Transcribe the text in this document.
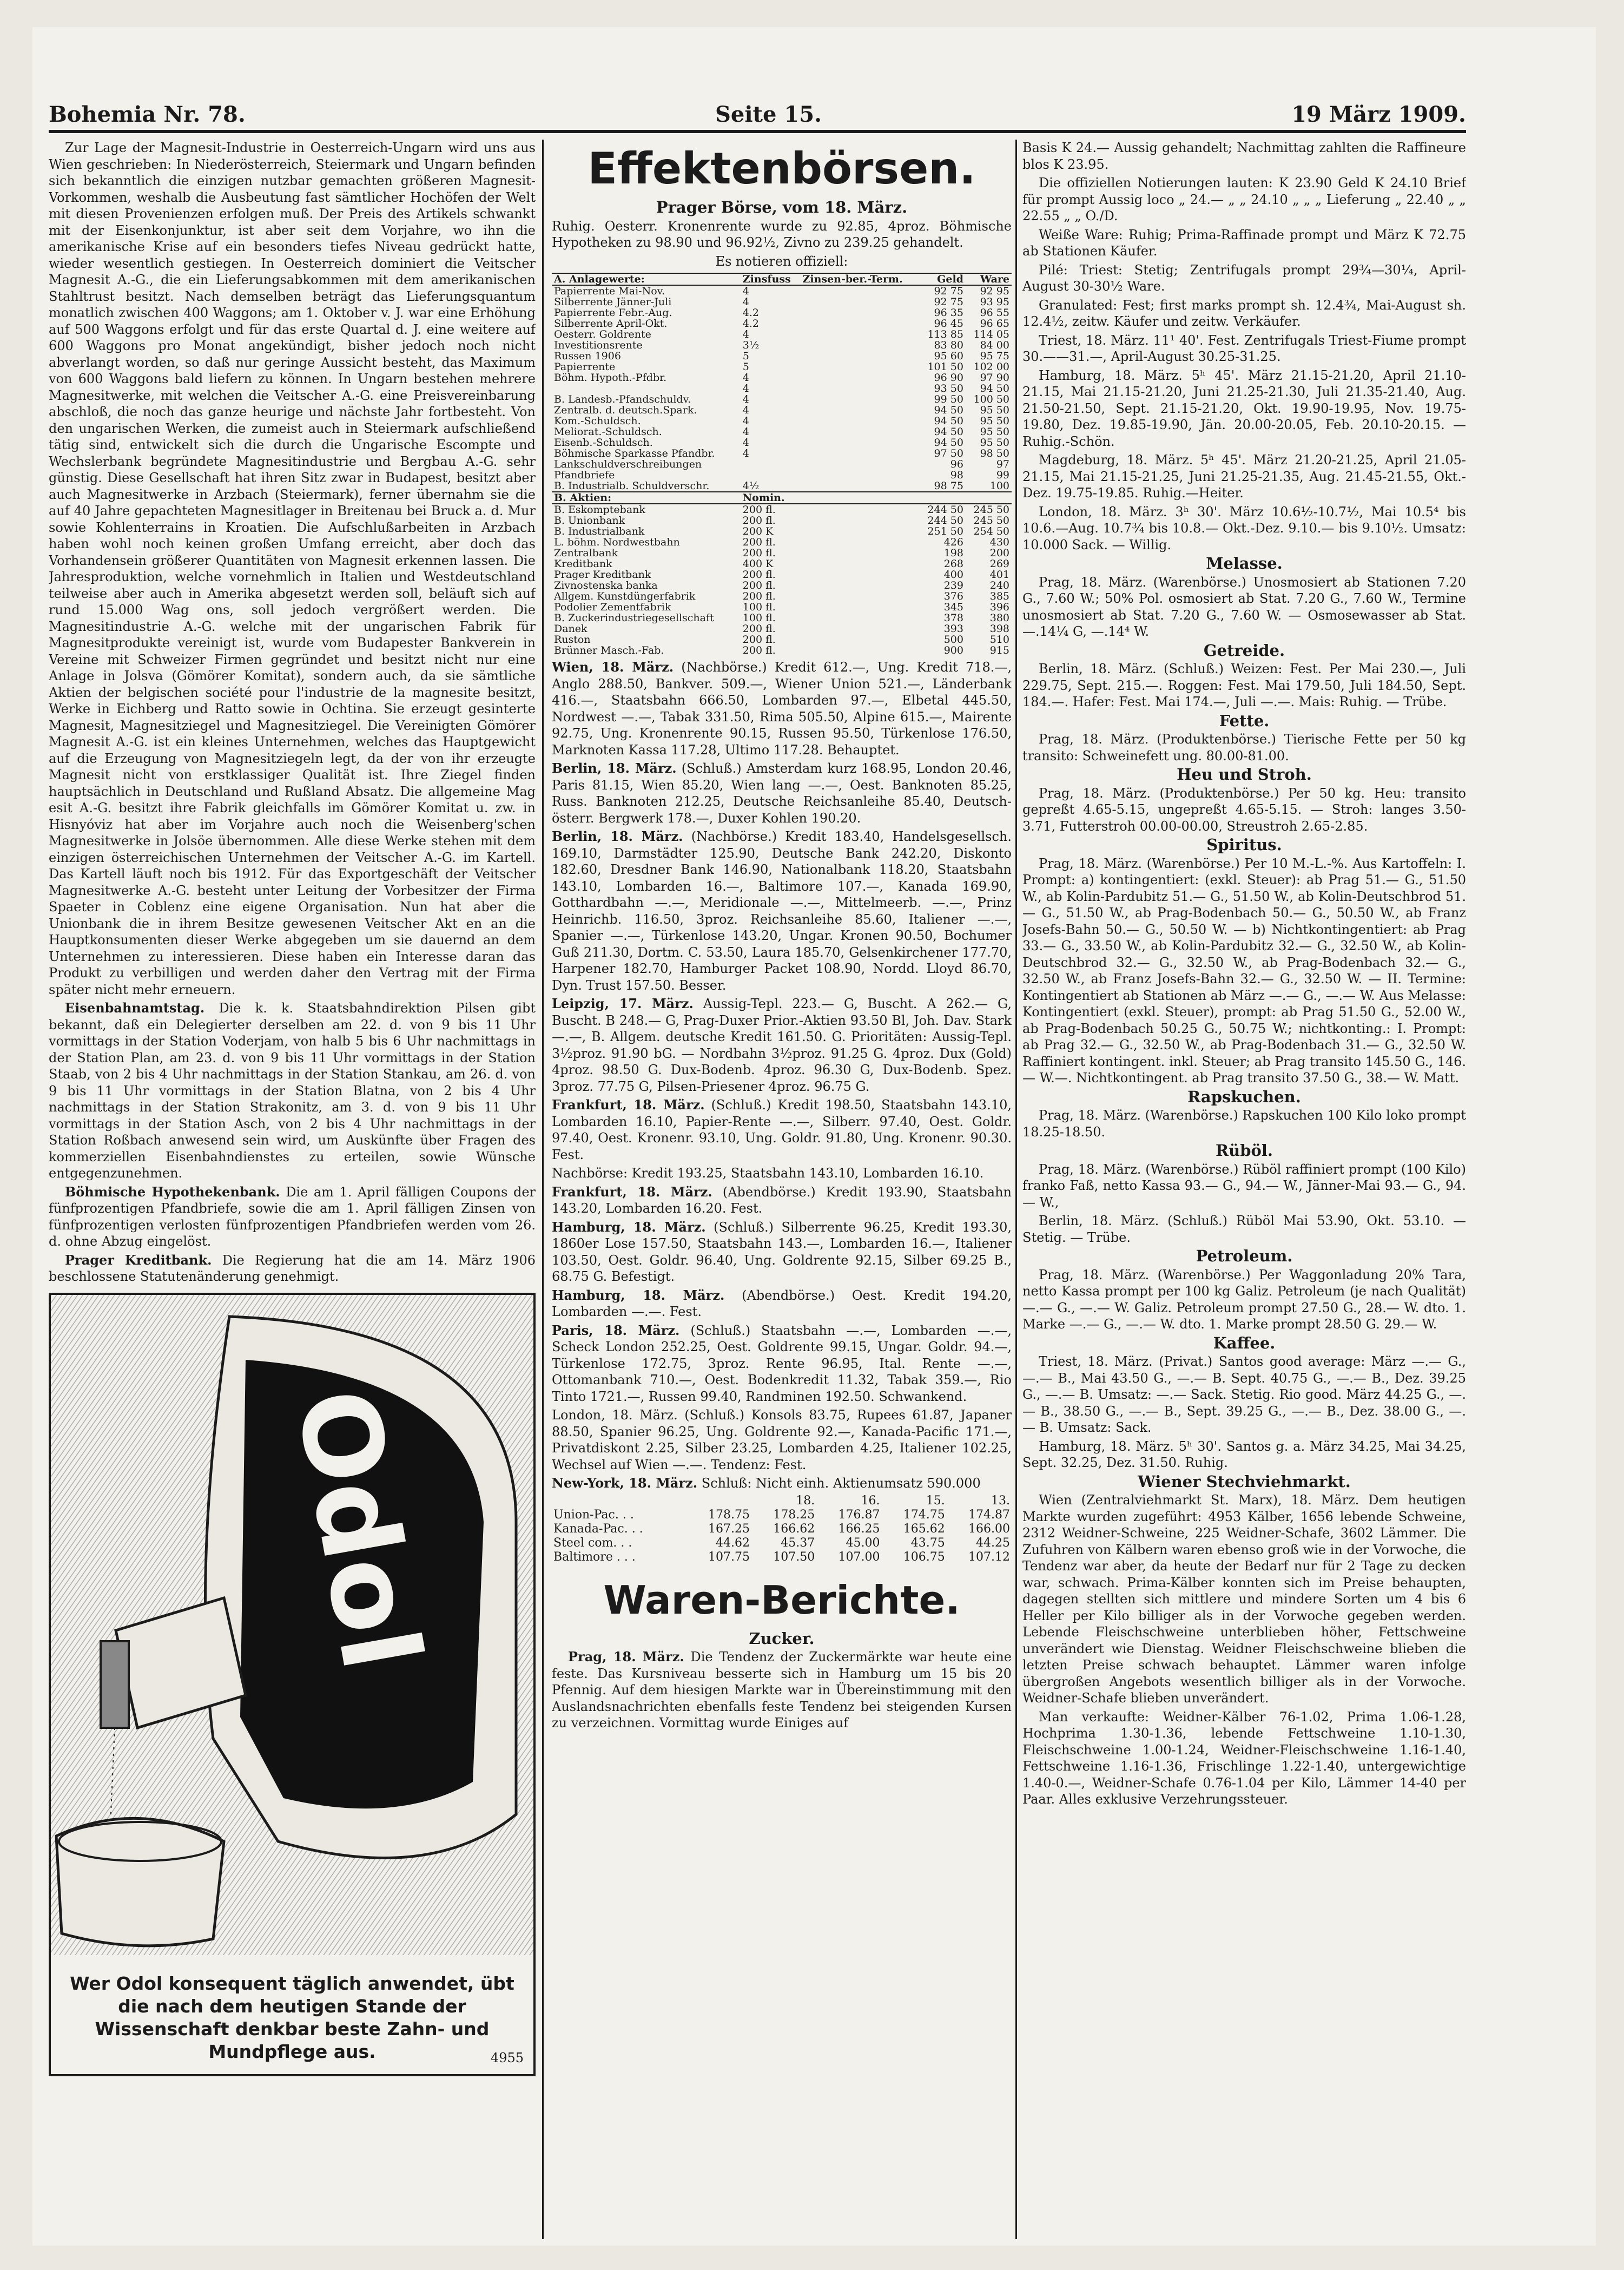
Bohemia Nr. 78.	Seite 15.	19 März 1909.

Zur Lage der Magnesit-Industrie in Oesterreich-Ungarn wird uns aus Wien geschrieben: In Niederösterreich, Steiermark und Ungarn befinden sich bekanntlich die einzigen nutzbar gemachten größeren Magnesit-Vorkommen, weshalb die Ausbeutung fast sämtlicher Hochöfen der Welt mit diesen Provenienzen erfolgen muß. Der Preis des Artikels schwankt mit der Eisenkonjunktur, ist aber seit dem Vorjahre, wo ihn die amerikanische Krise auf ein besonders tiefes Niveau gedrückt hatte, wieder wesentlich gestiegen. In Oesterreich dominiert die Veitscher Magnesit A.-G., die ein Lieferungsabkommen mit dem amerikanischen Stahltrust besitzt. Nach demselben beträgt das Lieferungsquantum monatlich zwischen 400 Waggons; am 1. Oktober v. J. war eine Erhöhung auf 500 Waggons erfolgt und für das erste Quartal d. J. eine weitere auf 600 Waggons pro Monat angekündigt, bisher jedoch noch nicht abverlangt worden, so daß nur geringe Aussicht besteht, das Maximum von 600 Waggons bald liefern zu können. In Ungarn bestehen mehrere Magnesitwerke, mit welchen die Veitscher A.-G. eine Preisvereinbarung abschloß, die noch das ganze heurige und nächste Jahr fortbesteht. Von den ungarischen Werken, die zumeist auch in Steiermark aufschließend tätig sind, entwickelt sich die durch die Ungarische Escompte und Wechslerbank begründete Magnesitindustrie und Bergbau A.-G. sehr günstig. Diese Gesellschaft hat ihren Sitz zwar in Budapest, besitzt aber auch Magnesitwerke in Arzbach (Steiermark), ferner übernahm sie die auf 40 Jahre gepachteten Magnesitlager in Breitenau bei Bruck a. d. Mur sowie Kohlenterrains in Kroatien. Die Aufschlußarbeiten in Arzbach haben wohl noch keinen großen Umfang erreicht, aber doch das Vorhandensein größerer Quantitäten von Magnesit erkennen lassen. Die Jahresproduktion, welche vornehmlich in Italien und Westdeutschland teilweise aber auch in Amerika abgesetzt werden soll, beläuft sich auf rund 15.000 Wag ons, soll jedoch vergrößert werden. Die Magnesitindustrie A.-G. welche mit der ungarischen Fabrik für Magnesitprodukte vereinigt ist, wurde vom Budapester Bankverein in Vereine mit Schweizer Firmen gegründet und besitzt nicht nur eine Anlage in Jolsva (Gömörer Komitat), sondern auch, da sie sämtliche Aktien der belgischen société pour l'industrie de la magnesite besitzt, Werke in Eichberg und Ratto sowie in Ochtina. Sie erzeugt gesinterte Magnesit, Magnesitziegel und Magnesitziegel. Die Vereinigten Gömörer Magnesit A.-G. ist ein kleines Unternehmen, welches das Hauptgewicht auf die Erzeugung von Magnesitziegeln legt, da der von ihr erzeugte Magnesit nicht von erstklassiger Qualität ist. Ihre Ziegel finden hauptsächlich in Deutschland und Rußland Absatz. Die allgemeine Mag esit A.-G. besitzt ihre Fabrik gleichfalls im Gömörer Komitat u. zw. in Hisnyóviz hat aber im Vorjahre auch noch die Weisenberg'schen Magnesitwerke in Jolsöe übernommen. Alle diese Werke stehen mit dem einzigen österreichischen Unternehmen der Veitscher A.-G. im Kartell. Das Kartell läuft noch bis 1912. Für das Exportgeschäft der Veitscher Magnesitwerke A.-G. besteht unter Leitung der Vorbesitzer der Firma Spaeter in Coblenz eine eigene Organisation. Nun hat aber die Unionbank die in ihrem Besitze gewesenen Veitscher Akt en an die Hauptkonsumenten dieser Werke abgegeben um sie dauernd an dem Unternehmen zu interessieren. Diese haben ein Interesse daran das Produkt zu verbilligen und werden daher den Vertrag mit der Firma später nicht mehr erneuern.

Eisenbahnamtstag. Die k. k. Staatsbahndirektion Pilsen gibt bekannt, daß ein Delegierter derselben am 22. d. von 9 bis 11 Uhr vormittags in der Station Voderjam, von halb 5 bis 6 Uhr nachmittags in der Station Plan, am 23. d. von 9 bis 11 Uhr vormittags in der Station Staab, von 2 bis 4 Uhr nachmittags in der Station Stankau, am 26. d. von 9 bis 11 Uhr vormittags in der Station Blatna, von 2 bis 4 Uhr nachmittags in der Station Strakonitz, am 3. d. von 9 bis 11 Uhr vormittags in der Station Asch, von 2 bis 4 Uhr nachmittags in der Station Roßbach anwesend sein wird, um Auskünfte über Fragen des kommerziellen Eisenbahndienstes zu erteilen, sowie Wünsche entgegenzunehmen.

Böhmische Hypothekenbank. Die am 1. April fälligen Coupons der fünfprozentigen Pfandbriefe, sowie die am 1. April fälligen Zinsen von fünfprozentigen verlosten fünfprozentigen Pfandbriefen werden vom 26. d. ohne Abzug eingelöst.

Prager Kreditbank. Die Regierung hat die am 14. März 1906 beschlossene Statutenänderung genehmigt.

Odol
Wer Odol konsequent täglich anwendet, übt die nach dem heutigen Stande der Wissenschaft denkbar beste Zahn- und Mundpflege aus.	4955
Effektenbörsen.
Prager Börse, vom 18. März.

Ruhig. Oesterr. Kronenrente wurde zu 92.85, 4proz. Böhmische Hypotheken zu 98.90 und 96.92½, Zivno zu 239.25 gehandelt.

Es notieren offiziell:
A. Anlagewerte:	Zinsfuss	Zinsen-ber.-Term.	Geld	Ware
Papierrente Mai-Nov.	4		92 75	92 95
Silberrente Jänner-Juli	4		92 75	93 95
Papierrente Febr.-Aug.	4.2		96 35	96 55
Silberrente April-Okt.	4.2		96 45	96 65
Oesterr. Goldrente	4		113 85	114 05
Investitionsrente	3½		83 80	84 00
Russen 1906	5		95 60	95 75
Papierrente	5		101 50	102 00
Böhm. Hypoth.-Pfdbr.	4		96 90	97 90
	4		93 50	94 50
B. Landesb.-Pfandschuldv.	4		99 50	100 50
Zentralb. d. deutsch.Spark.	4		94 50	95 50
Kom.-Schuldsch.	4		94 50	95 50
Meliorat.-Schuldsch.	4		94 50	95 50
Eisenb.-Schuldsch.	4		94 50	95 50
Böhmische Sparkasse Pfandbr.	4		97 50	98 50
Lankschuldverschreibungen			96	97
Pfandbriefe			98	99
B. Industrialb. Schuldverschr.	4½		98 75	100
B. Aktien:	Nomin.			
B. Eskomptebank	200 fl.		244 50	245 50
B. Unionbank	200 fl.		244 50	245 50
B. Industrialbank	200 K		251 50	254 50
L. böhm. Nordwestbahn	200 fl.		426	430
Zentralbank	200 fl.		198	200
Kreditbank	400 K		268	269
Prager Kreditbank	200 fl.		400	401
Zivnostenska banka	200 fl.		239	240
Allgem. Kunstdüngerfabrik	200 fl.		376	385
Podolier Zementfabrik	100 fl.		345	396
B. Zuckerindustriegesellschaft	100 fl.		378	380
Danek	200 fl.		393	398
Ruston	200 fl.		500	510
Brünner Masch.-Fab.	200 fl.		900	915

Wien, 18. März. (Nachbörse.) Kredit 612.—, Ung. Kredit 718.—, Anglo 288.50, Bankver. 509.—, Wiener Union 521.—, Länderbank 416.—, Staatsbahn 666.50, Lombarden 97.—, Elbetal 445.50, Nordwest —.—, Tabak 331.50, Rima 505.50, Alpine 615.—, Mairente 92.75, Ung. Kronenrente 90.15, Russen 95.50, Türkenlose 176.50, Marknoten Kassa 117.28, Ultimo 117.28. Behauptet.

Berlin, 18. März. (Schluß.) Amsterdam kurz 168.95, London 20.46, Paris 81.15, Wien 85.20, Wien lang —.—, Oest. Banknoten 85.25, Russ. Banknoten 212.25, Deutsche Reichsanleihe 85.40, Deutsch-österr. Bergwerk 178.—, Duxer Kohlen 190.20.

Berlin, 18. März. (Nachbörse.) Kredit 183.40, Handelsgesellsch. 169.10, Darmstädter 125.90, Deutsche Bank 242.20, Diskonto 182.60, Dresdner Bank 146.90, Nationalbank 118.20, Staatsbahn 143.10, Lombarden 16.—, Baltimore 107.—, Kanada 169.90, Gotthardbahn —.—, Meridionale —.—, Mittelmeerb. —.—, Prinz Heinrichb. 116.50, 3proz. Reichsanleihe 85.60, Italiener —.—, Spanier —.—, Türkenlose 143.20, Ungar. Kronen 90.50, Bochumer Guß 211.30, Dortm. C. 53.50, Laura 185.70, Gelsenkirchener 177.70, Harpener 182.70, Hamburger Packet 108.90, Nordd. Lloyd 86.70, Dyn. Trust 157.50. Besser.

Leipzig, 17. März. Aussig-Tepl. 223.— G, Buscht. A 262.— G, Buscht. B 248.— G, Prag-Duxer Prior.-Aktien 93.50 Bl, Joh. Dav. Stark —.—, B. Allgem. deutsche Kredit 161.50. G. Prioritäten: Aussig-Tepl. 3½proz. 91.90 bG. — Nordbahn 3½proz. 91.25 G. 4proz. Dux (Gold) 4proz. 98.50 G. Dux-Bodenb. 4proz. 96.30 G, Dux-Bodenb. Spez. 3proz. 77.75 G, Pilsen-Priesener 4proz. 96.75 G.

Frankfurt, 18. März. (Schluß.) Kredit 198.50, Staatsbahn 143.10, Lombarden 16.10, Papier-Rente —.—, Silberr. 97.40, Oest. Goldr. 97.40, Oest. Kronenr. 93.10, Ung. Goldr. 91.80, Ung. Kronenr. 90.30. Fest.

Nachbörse: Kredit 193.25, Staatsbahn 143.10, Lombarden 16.10.

Frankfurt, 18. März. (Abendbörse.) Kredit 193.90, Staatsbahn 143.20, Lombarden 16.20. Fest.

Hamburg, 18. März. (Schluß.) Silberrente 96.25, Kredit 193.30, 1860er Lose 157.50, Staatsbahn 143.—, Lombarden 16.—, Italiener 103.50, Oest. Goldr. 96.40, Ung. Goldrente 92.15, Silber 69.25 B., 68.75 G. Befestigt.

Hamburg, 18. März. (Abendbörse.) Oest. Kredit 194.20, Lombarden —.—. Fest.

Paris, 18. März. (Schluß.) Staatsbahn —.—, Lombarden —.—, Scheck London 252.25, Oest. Goldrente 99.15, Ungar. Goldr. 94.—, Türkenlose 172.75, 3proz. Rente 96.95, Ital. Rente —.—, Ottomanbank 710.—, Oest. Bodenkredit 11.32, Tabak 359.—, Rio Tinto 1721.—, Russen 99.40, Randminen 192.50. Schwankend.

London, 18. März. (Schluß.) Konsols 83.75, Rupees 61.87, Japaner 88.50, Spanier 96.25, Ung. Goldrente 92.—, Kanada-Pacific 171.—, Privatdiskont 2.25, Silber 23.25, Lombarden 4.25, Italiener 102.25, Wechsel auf Wien —.—. Tendenz: Fest.

New-York, 18. März. Schluß: Nicht einh. Aktienumsatz 590.000

		18.	16.	15.	13.
Union-Pac. . .	178.75	178.25	176.87	174.75	174.87
Kanada-Pac. . .	167.25	166.62	166.25	165.62	166.00
Steel com. . .	44.62	45.37	45.00	43.75	44.25
Baltimore . . .	107.75	107.50	107.00	106.75	107.12
Waren-Berichte.
Zucker.

Prag, 18. März. Die Tendenz der Zuckermärkte war heute eine feste. Das Kursniveau besserte sich in Hamburg um 15 bis 20 Pfennig. Auf dem hiesigen Markte war in Übereinstimmung mit den Auslandsnachrichten ebenfalls feste Tendenz bei steigenden Kursen zu verzeichnen. Vormittag wurde Einiges auf

Basis K 24.— Aussig gehandelt; Nachmittag zahlten die Raffineure blos K 23.95.

Die offiziellen Notierungen lauten: K 23.90 Geld K 24.10 Brief für prompt Aussig loco „ 24.— „ „ 24.10 „ „ „ Lieferung „ 22.40 „ „ 22.55 „ „ O./D.

Weiße Ware: Ruhig; Prima-Raffinade prompt und März K 72.75 ab Stationen Käufer.

Pilé: Triest: Stetig; Zentrifugals prompt 29¾—30¼, April-August 30-30½ Ware.

Granulated: Fest; first marks prompt sh. 12.4¾, Mai-August sh. 12.4½, zeitw. Käufer und zeitw. Verkäufer.

Triest, 18. März. 11¹ 40'. Fest. Zentrifugals Triest-Fiume prompt 30.——31.—, April-August 30.25-31.25.

Hamburg, 18. März. 5ʰ 45'. März 21.15-21.20, April 21.10-21.15, Mai 21.15-21.20, Juni 21.25-21.30, Juli 21.35-21.40, Aug. 21.50-21.50, Sept. 21.15-21.20, Okt. 19.90-19.95, Nov. 19.75-19.80, Dez. 19.85-19.90, Jän. 20.00-20.05, Feb. 20.10-20.15. — Ruhig.-Schön.

Magdeburg, 18. März. 5ʰ 45'. März 21.20-21.25, April 21.05-21.15, Mai 21.15-21.25, Juni 21.25-21.35, Aug. 21.45-21.55, Okt.-Dez. 19.75-19.85. Ruhig.—Heiter.

London, 18. März. 3ʰ 30'. März 10.6½-10.7½, Mai 10.5⁴ bis 10.6.—Aug. 10.7¾ bis 10.8.— Okt.-Dez. 9.10.— bis 9.10½. Umsatz: 10.000 Sack. — Willig.

Melasse.

Prag, 18. März. (Warenbörse.) Unosmosiert ab Stationen 7.20 G., 7.60 W.; 50% Pol. osmosiert ab Stat. 7.20 G., 7.60 W., Termine unosmosiert ab Stat. 7.20 G., 7.60 W. — Osmosewasser ab Stat. —.14¼ G, —.14⁴ W.

Getreide.

Berlin, 18. März. (Schluß.) Weizen: Fest. Per Mai 230.—, Juli 229.75, Sept. 215.—. Roggen: Fest. Mai 179.50, Juli 184.50, Sept. 184.—. Hafer: Fest. Mai 174.—, Juli —.—. Mais: Ruhig. — Trübe.

Fette.

Prag, 18. März. (Produktenbörse.) Tierische Fette per 50 kg transito: Schweinefett ung. 80.00-81.00.

Heu und Stroh.

Prag, 18. März. (Produktenbörse.) Per 50 kg. Heu: transito gepreßt 4.65-5.15, ungepreßt 4.65-5.15. — Stroh: langes 3.50-3.71, Futterstroh 00.00-00.00, Streustroh 2.65-2.85.

Spiritus.

Prag, 18. März. (Warenbörse.) Per 10 M.-L.-%. Aus Kartoffeln: I. Prompt: a) kontingentiert: (exkl. Steuer): ab Prag 51.— G., 51.50 W., ab Kolin-Pardubitz 51.— G., 51.50 W., ab Kolin-Deutschbrod 51.— G., 51.50 W., ab Prag-Bodenbach 50.— G., 50.50 W., ab Franz Josefs-Bahn 50.— G., 50.50 W. — b) Nichtkontingentiert: ab Prag 33.— G., 33.50 W., ab Kolin-Pardubitz 32.— G., 32.50 W., ab Kolin-Deutschbrod 32.— G., 32.50 W., ab Prag-Bodenbach 32.— G., 32.50 W., ab Franz Josefs-Bahn 32.— G., 32.50 W. — II. Termine: Kontingentiert ab Stationen ab März —.— G., —.— W. Aus Melasse: Kontingentiert (exkl. Steuer), prompt: ab Prag 51.50 G., 52.00 W., ab Prag-Bodenbach 50.25 G., 50.75 W.; nichtkonting.: I. Prompt: ab Prag 32.— G., 32.50 W., ab Prag-Bodenbach 31.— G., 32.50 W. Raffiniert kontingent. inkl. Steuer; ab Prag transito 145.50 G., 146.— W.—. Nichtkontingent. ab Prag transito 37.50 G., 38.— W. Matt.

Rapskuchen.

Prag, 18. März. (Warenbörse.) Rapskuchen 100 Kilo loko prompt 18.25-18.50.

Rüböl.

Prag, 18. März. (Warenbörse.) Rüböl raffiniert prompt (100 Kilo) franko Faß, netto Kassa 93.— G., 94.— W., Jänner-Mai 93.— G., 94.— W.,

Berlin, 18. März. (Schluß.) Rüböl Mai 53.90, Okt. 53.10. — Stetig. — Trübe.

Petroleum.

Prag, 18. März. (Warenbörse.) Per Waggonladung 20% Tara, netto Kassa prompt per 100 kg Galiz. Petroleum (je nach Qualität) —.— G., —.— W. Galiz. Petroleum prompt 27.50 G., 28.— W. dto. 1. Marke —.— G., —.— W. dto. 1. Marke prompt 28.50 G. 29.— W.

Kaffee.

Triest, 18. März. (Privat.) Santos good average: März —.— G., —.— B., Mai 43.50 G., —.— B. Sept. 40.75 G., —.— B., Dez. 39.25 G., —.— B. Umsatz: —.— Sack. Stetig. Rio good. März 44.25 G., —.— B., 38.50 G., —.— B., Sept. 39.25 G., —.— B., Dez. 38.00 G., —.— B. Umsatz: Sack.

Hamburg, 18. März. 5ʰ 30'. Santos g. a. März 34.25, Mai 34.25, Sept. 32.25, Dez. 31.50. Ruhig.

Wiener Stechviehmarkt.

Wien (Zentralviehmarkt St. Marx), 18. März. Dem heutigen Markte wurden zugeführt: 4953 Kälber, 1656 lebende Schweine, 2312 Weidner-Schweine, 225 Weidner-Schafe, 3602 Lämmer. Die Zufuhren von Kälbern waren ebenso groß wie in der Vorwoche, die Tendenz war aber, da heute der Bedarf nur für 2 Tage zu decken war, schwach. Prima-Kälber konnten sich im Preise behaupten, dagegen stellten sich mittlere und mindere Sorten um 4 bis 6 Heller per Kilo billiger als in der Vorwoche gegeben werden. Lebende Fleischschweine unterblieben höher, Fettschweine unverändert wie Dienstag. Weidner Fleischschweine blieben die letzten Preise schwach behauptet. Lämmer waren infolge übergroßen Angebots wesentlich billiger als in der Vorwoche. Weidner-Schafe blieben unverändert.

Man verkaufte: Weidner-Kälber 76-1.02, Prima 1.06-1.28, Hochprima 1.30-1.36, lebende Fettschweine 1.10-1.30, Fleischschweine 1.00-1.24, Weidner-Fleischschweine 1.16-1.40, Fettschweine 1.16-1.36, Frischlinge 1.22-1.40, untergewichtige 1.40-0.—, Weidner-Schafe 0.76-1.04 per Kilo, Lämmer 14-40 per Paar. Alles exklusive Verzehrungssteuer.
